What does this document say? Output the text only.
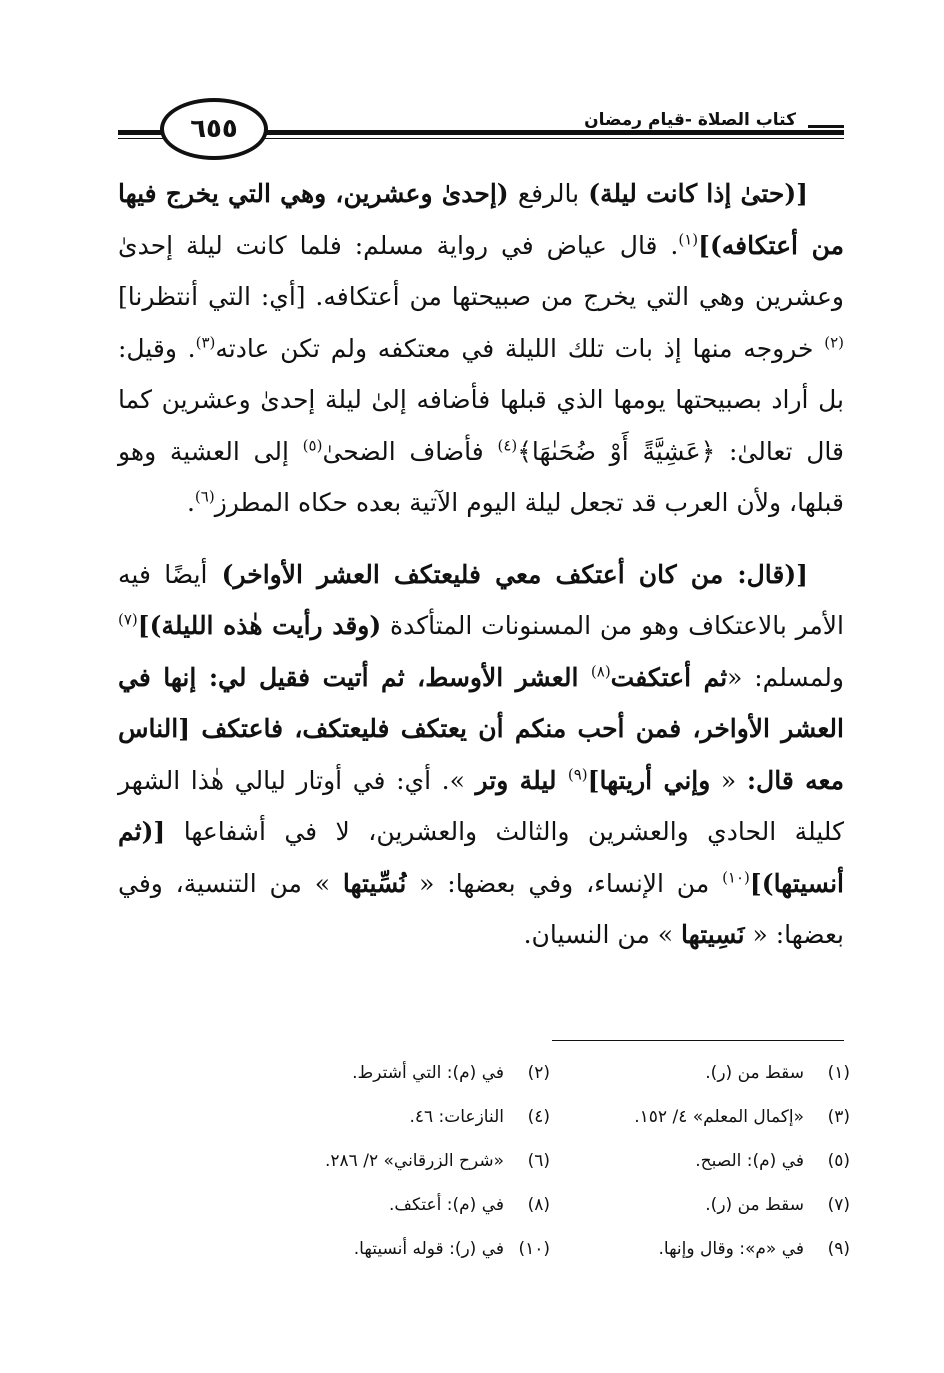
٦٥٥	كتاب الصلاة -قيام رمضان

[(حتىٰ إذا كانت ليلة) بالرفع (إحدىٰ وعشرين، وهي التي يخرج فيها من أعتكافه)]$^{(١)}$. قال عياض في رواية مسلم: فلما كانت ليلة إحدىٰ وعشرين وهي التي يخرج من صبيحتها من أعتكافه. [أي: التي أنتظرنا]$^{(٢)}$ خروجه منها إذ بات تلك الليلة في معتكفه ولم تكن عادته$^{(٣)}$. وقيل: بل أراد بصبيحتها يومها الذي قبلها فأضافه إلىٰ ليلة إحدىٰ وعشرين كما قال تعالىٰ: ﴿عَشِيَّةً أَوْ ضُحَىٰهَا﴾$^{(٤)}$ فأضاف الضحىٰ$^{(٥)}$ إلى العشية وهو قبلها، ولأن العرب قد تجعل ليلة اليوم الآتية بعده حكاه المطرز$^{(٦)}$.

[(قال: من كان أعتكف معي فليعتكف العشر الأواخر) أيضًا فيه الأمر بالاعتكاف وهو من المسنونات المتأكدة (وقد رأيت هٰذه الليلة)]$^{(٧)}$ ولمسلم: «ثم أعتكفت$^{(٨)}$ العشر الأوسط، ثم أتيت فقيل لي: إنها في العشر الأواخر، فمن أحب منكم أن يعتكف فليعتكف، فاعتكف [الناس معه قال: « وإني أريتها]$^{(٩)}$ ليلة وتر ». أي: في أوتار ليالي هٰذا الشهر كليلة الحادي والعشرين والثالث والعشرين، لا في أشفاعها [(ثم أنسيتها)]$^{(١٠)}$ من الإنساء، وفي بعضها: « نُسِّيتها » من التنسية، وفي بعضها: « نَسِيتها » من النسيان.

(١)سقط من (ر).
(٢)في (م): التي أشترط.
(٣)«إكمال المعلم» ٤/ ١٥٢.
(٤)النازعات: ٤٦.
(٥)في (م): الصبح.
(٦)«شرح الزرقاني» ٢/ ٢٨٦.
(٧)سقط من (ر).
(٨)في (م): أعتكف.
(٩)في «م»: وقال وإنها.
(١٠)في (ر): قوله أنسيتها.
